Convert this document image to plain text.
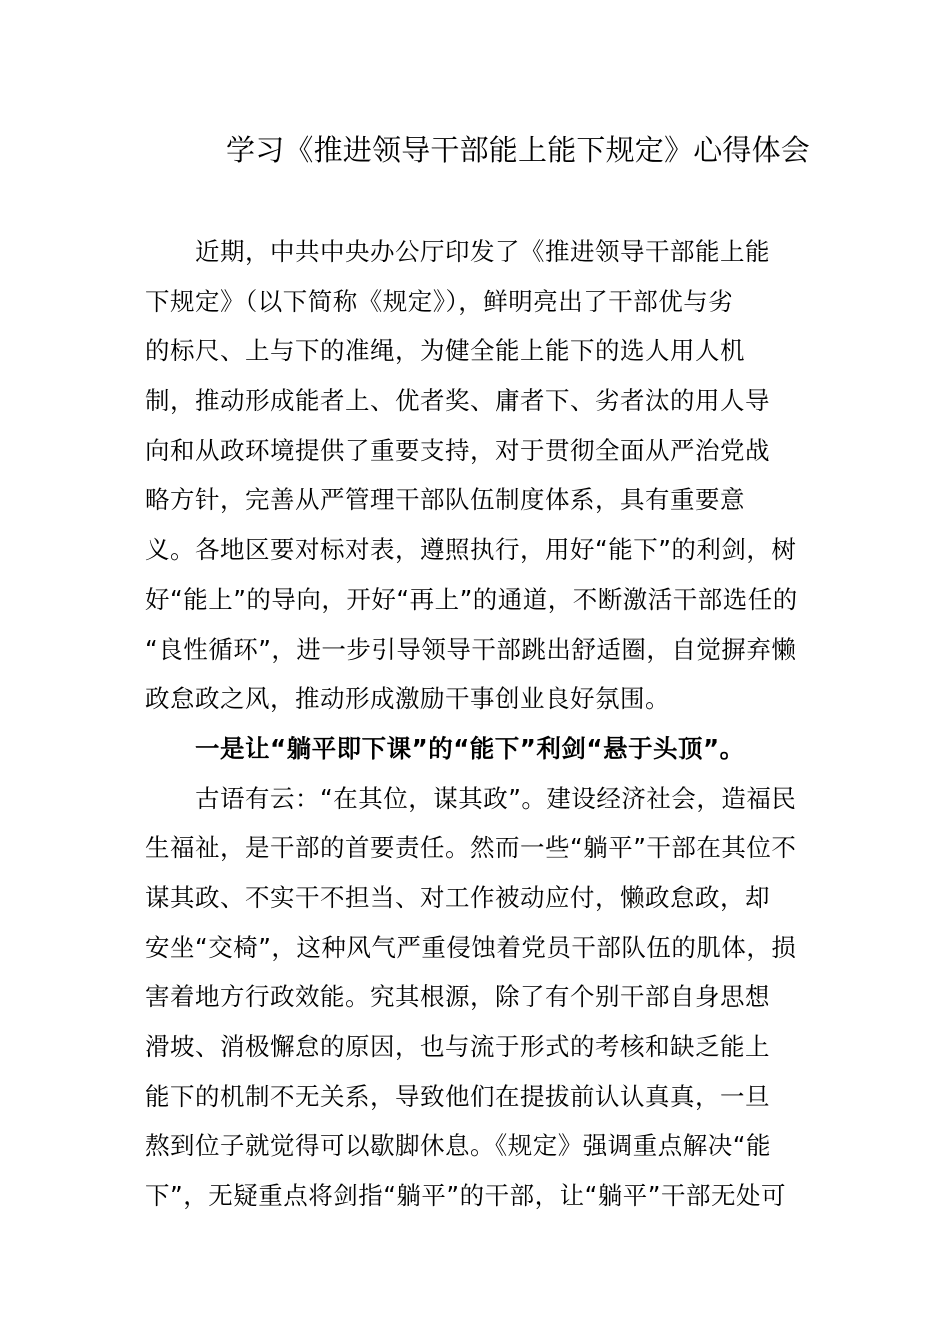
学习《推进领导干部能上能下规定》心得体会
近期，中共中央办公厅印发了《推进领导干部能上能
下规定》（以下简称《规定》），鲜明亮出了干部优与劣
的标尺、上与下的准绳，为健全能上能下的选人用人机
制，推动形成能者上、优者奖、庸者下、劣者汰的用人导
向和从政环境提供了重要支持，对于贯彻全面从严治党战
略方针，完善从严管理干部队伍制度体系，具有重要意
义。各地区要对标对表，遵照执行，用好“能下”的利剑，树
好“能上”的导向，开好“再上”的通道，不断激活干部选任的
“良性循环”，进一步引导领导干部跳出舒适圈，自觉摒弃懒
政怠政之风，推动形成激励干事创业良好氛围。
一是让“躺平即下课”的“能下”利剑“悬于头顶”。
古语有云：“在其位，谋其政”。建设经济社会，造福民
生福祉，是干部的首要责任。然而一些“躺平”干部在其位不
谋其政、不实干不担当、对工作被动应付，懒政怠政，却
安坐“交椅”，这种风气严重侵蚀着党员干部队伍的肌体，损
害着地方行政效能。究其根源，除了有个别干部自身思想
滑坡、消极懈怠的原因，也与流于形式的考核和缺乏能上
能下的机制不无关系，导致他们在提拔前认认真真，一旦
熬到位子就觉得可以歇脚休息。《规定》强调重点解决“能
下”，无疑重点将剑指“躺平”的干部，让“躺平”干部无处可
